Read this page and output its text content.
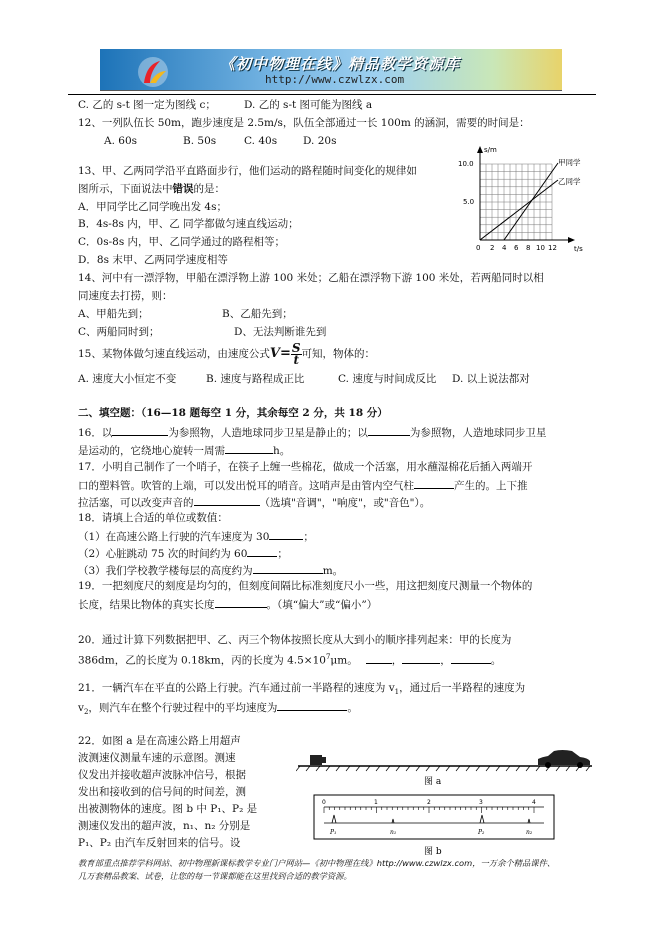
《初中物理在线》精品教学资源库
http://www.czwlzx.com
C. 乙的 s-t 图一定为图线 c；	D. 乙的 s-t 图可能为图线 a
12、一列队伍长 50m，跑步速度是 2.5m/s，队伍全部通过一长 100m 的涵洞，需要的时间是：
A. 60s	B. 50s	C. 40s D. 20s
13、甲、乙两同学沿平直路面步行，他们运动的路程随时间变化的规律如
图所示，下面说法中错误的是：
A．甲同学比乙同学晚出发 4s；
B．4s-8s 内，甲、乙 同学都做匀速直线运动；
C．0s-8s 内，甲、乙同学通过的路程相等；
D．8s 末甲、乙两同学速度相等
s/m
t/s
10.0
5.0
0 2 4 6 8 10 12
甲同学
乙同学
14、河中有一漂浮物，甲船在漂浮物上游 100 米处；乙船在漂浮物下游 100 米处，若两船同时以相
同速度去打捞，则：
A、甲船先到；	B、乙船先到；
C、两船同时到；	D、无法判断谁先到
15、某物体做匀速直线运动，由速度公式$V= \frac{S}{t}$ 可知，物体的：
A. 速度大小恒定不变	B. 速度与路程成正比	C. 速度与时间成反比 D. 以上说法都对
二、填空题：（16—18 题每空 1 分，其余每空 2 分，共 18 分）
16．以	为参照物，人造地球同步卫星是静止的；以	为参照物，人造地球同步卫星
是运动的，它绕地心旋转一周需	h。
17．小明自己制作了一个哨子，在筷子上缠一些棉花，做成一个活塞，用水蘸湿棉花后插入两端开
口的塑料管。吹管的上端，可以发出悦耳的哨音。这哨声是由管内空气柱	产生的。上下推
拉活塞，可以改变声音的	（选填"音调"，"响度"，或"音色"）。
18．请填上合适的单位或数值：
（1）在高速公路上行驶的汽车速度为 30	；
（2）心脏跳动 75 次的时间约为 60	；
（3）我们学校教学楼每层的高度约为	m。
19．一把刻度尺的刻度是均匀的，但刻度间隔比标准刻度尺小一些，用这把刻度尺测量一个物体的
长度，结果比物体的真实长度	。（填“偏大”或“偏小”）
20．通过计算下列数据把甲、乙、丙三个物体按照长度从大到小的顺序排列起来：甲的长度为
386dm，乙的长度为 0.18km，丙的长度为 $4.5\times 10^7\mu m$。	，	，	。
21．一辆汽车在平直的公路上行驶。汽车通过前一半路程的速度为 $v_1$，通过后一半路程的速度为
$v_2$，则汽车在整个行驶过程中的平均速度为	。
22．如图 a 是在高速公路上用超声
波测速仪测量车速的示意图。测速
仪发出并接收超声波脉冲信号，根据
发出和接收到的信号间的时间差，测
出被测物体的速度。图 b 中 P₁、P₂ 是
测速仪发出的超声波，n₁、n₂ 分别是
P₁、P₂ 由汽车反射回来的信号。设
图 a
0	1	2	3	4
P₁	n₁	P₂	n₂
图 b
教育部重点推荐学科网站、初中物理新课标教学专业门户网站—《初中物理在线》http://www.czwlzx.com，一万余个精品课件、
几万套精品教案、试卷，让您的每一节课都能在这里找到合适的教学资源。
